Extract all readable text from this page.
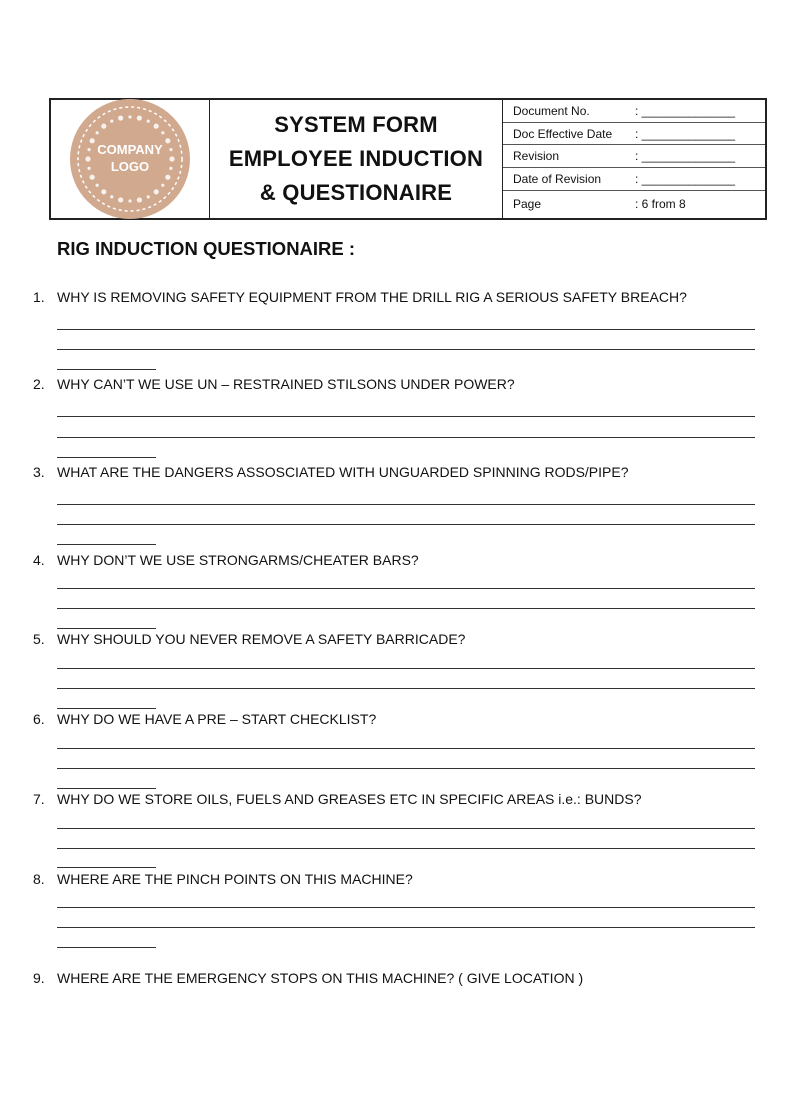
COMPANY
LOGO
SYSTEM FORM
EMPLOYEE INDUCTION
& QUESTIONAIRE
Document No.	: ______________
Doc Effective Date	: ______________
Revision	: ______________
Date of Revision	: ______________
Page	: 6 from 8
RIG INDUCTION QUESTIONAIRE :
1. WHY IS REMOVING SAFETY EQUIPMENT FROM THE DRILL RIG A SERIOUS SAFETY BREACH?
2. WHY CAN’T WE USE UN – RESTRAINED STILSONS UNDER POWER?
3. WHAT ARE THE DANGERS ASSOSCIATED WITH UNGUARDED SPINNING RODS/PIPE?
4. WHY DON’T WE USE STRONGARMS/CHEATER BARS?
5. WHY SHOULD YOU NEVER REMOVE A SAFETY BARRICADE?
6. WHY DO WE HAVE A PRE – START CHECKLIST?
7. WHY DO WE STORE OILS, FUELS AND GREASES ETC IN SPECIFIC AREAS i.e.: BUNDS?
8. WHERE ARE THE PINCH POINTS ON THIS MACHINE?
9. WHERE ARE THE EMERGENCY STOPS ON THIS MACHINE? ( GIVE LOCATION )
